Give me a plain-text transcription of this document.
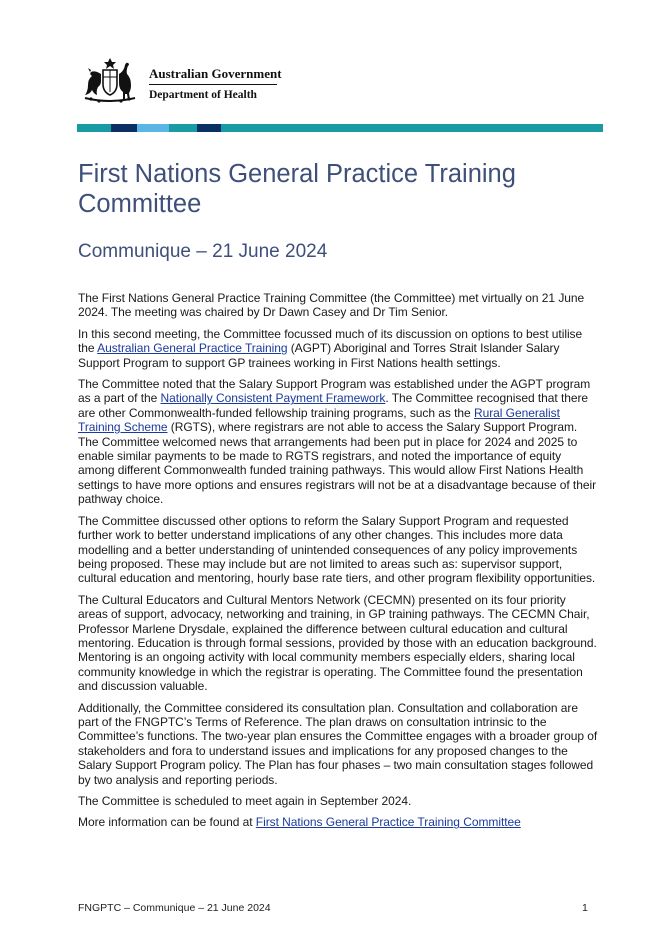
Australian Government
Department of Health
First Nations General Practice Training Committee
Communique – 21 June 2024

The First Nations General Practice Training Committee (the Committee) met virtually on 21 June 2024. The meeting was chaired by Dr Dawn Casey and Dr Tim Senior.

In this second meeting, the Committee focussed much of its discussion on options to best utilise the Australian General Practice Training (AGPT) Aboriginal and Torres Strait Islander Salary Support Program to support GP trainees working in First Nations health settings.

The Committee noted that the Salary Support Program was established under the AGPT program as a part of the Nationally Consistent Payment Framework. The Committee recognised that there are other Commonwealth-funded fellowship training programs, such as the Rural Generalist Training Scheme (RGTS), where registrars are not able to access the Salary Support Program. The Committee welcomed news that arrangements had been put in place for 2024 and 2025 to enable similar payments to be made to RGTS registrars, and noted the importance of equity among different Commonwealth funded training pathways. This would allow First Nations Health settings to have more options and ensures registrars will not be at a disadvantage because of their pathway choice.

The Committee discussed other options to reform the Salary Support Program and requested further work to better understand implications of any other changes. This includes more data modelling and a better understanding of unintended consequences of any policy improvements being proposed. These may include but are not limited to areas such as: supervisor support, cultural education and mentoring, hourly base rate tiers, and other program flexibility opportunities.

The Cultural Educators and Cultural Mentors Network (CECMN) presented on its four priority areas of support, advocacy, networking and training, in GP training pathways. The CECMN Chair, Professor Marlene Drysdale, explained the difference between cultural education and cultural mentoring. Education is through formal sessions, provided by those with an education background. Mentoring is an ongoing activity with local community members especially elders, sharing local community knowledge in which the registrar is operating. The Committee found the presentation and discussion valuable.

Additionally, the Committee considered its consultation plan. Consultation and collaboration are part of the FNGPTC’s Terms of Reference. The plan draws on consultation intrinsic to the Committee’s functions. The two-year plan ensures the Committee engages with a broader group of stakeholders and fora to understand issues and implications for any proposed changes to the Salary Support Program policy. The Plan has four phases – two main consultation stages followed by two analysis and reporting periods.

The Committee is scheduled to meet again in September 2024.

More information can be found at First Nations General Practice Training Committee

FNGPTC – Communique – 21 June 2024	1
